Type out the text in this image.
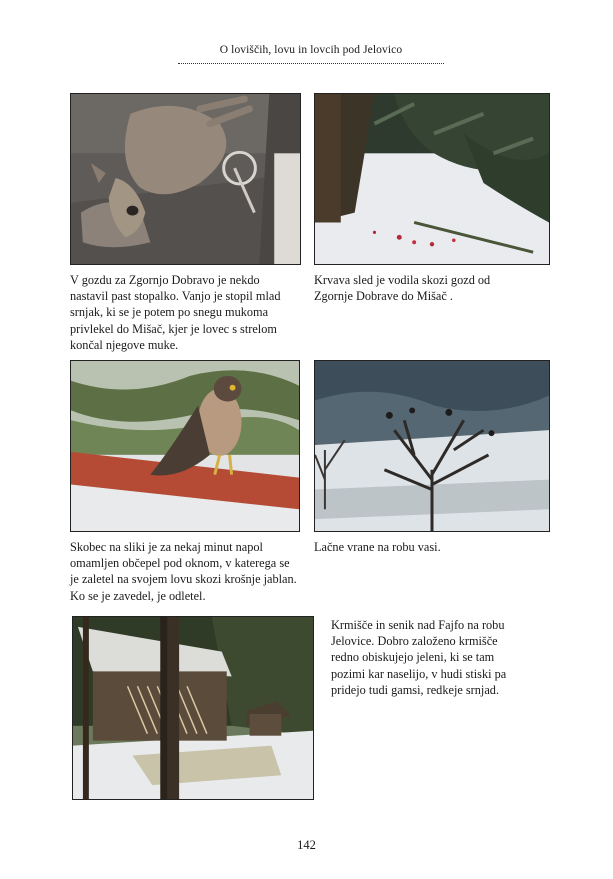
O loviščih, lovu in lovcih pod Jelovico

V gozdu za Zgornjo Dobravo je nekdo nastavil past stopalko. Vanjo je stopil mlad srnjak, ki se je potem po snegu mukoma privlekel do Mišač, kjer je lovec s strelom končal njegove muke.

Krvava sled je vodila skozi gozd od Zgornje Dobrave do Mišač .

Skobec na sliki je za nekaj minut napol omamljen občepel pod oknom, v katerega se je zaletel na svojem lovu skozi krošnje jablan. Ko se je zavedel, je odletel.

Lačne vrane na robu vasi.

Krmišče in senik nad Fajfo na robu Jelovice. Dobro založeno krmišče redno obiskujejo jeleni, ki se tam pozimi kar naselijo, v hudi stiski pa pridejo tudi gamsi, redkeje srnjad.

142
